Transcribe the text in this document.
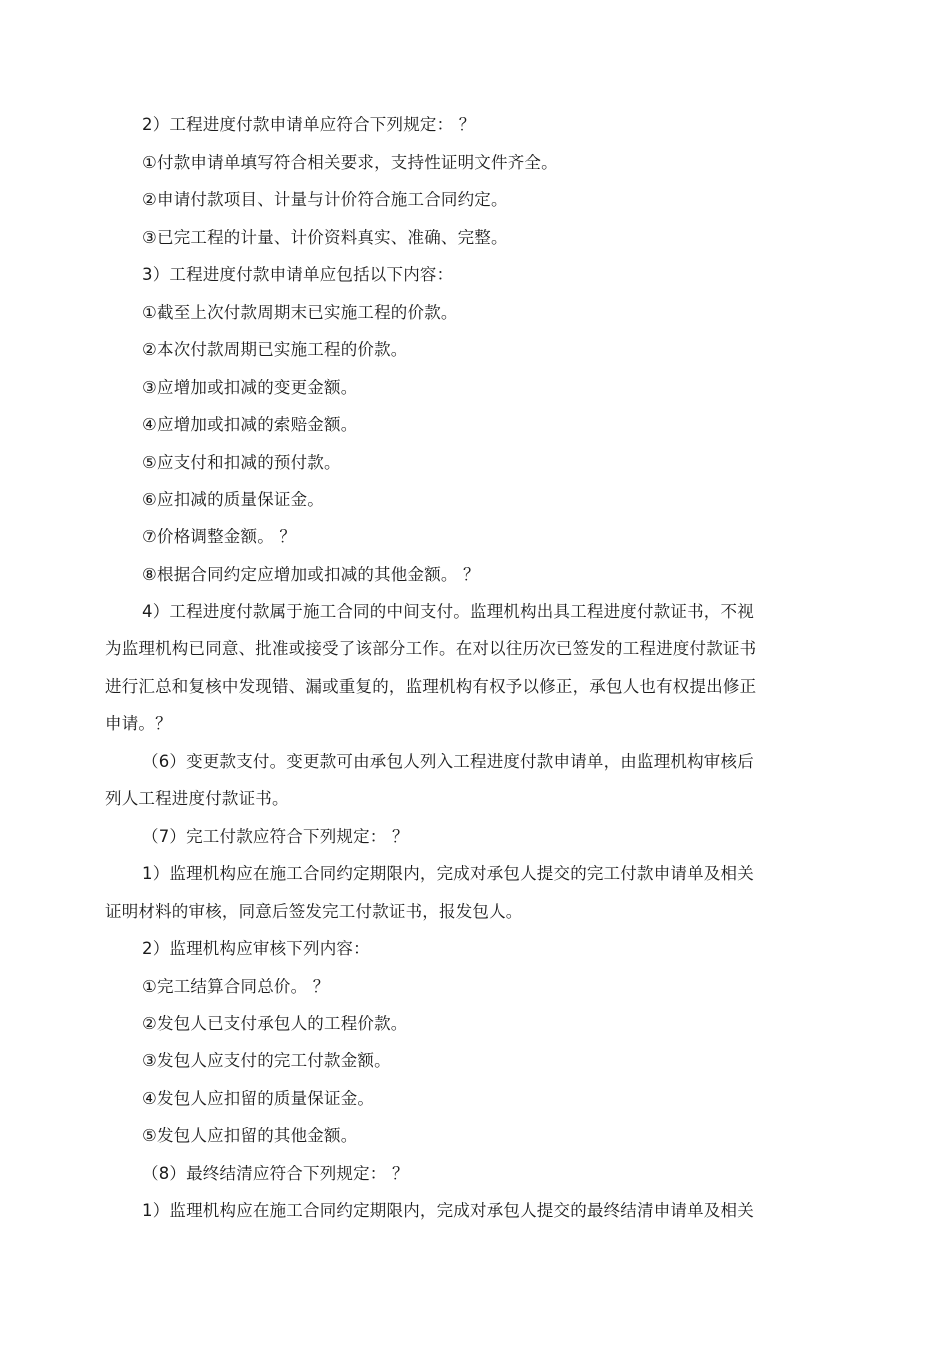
2）工程进度付款申请单应符合下列规定： ？
①付款申请单填写符合相关要求，支持性证明文件齐全。
②申请付款项目、计量与计价符合施工合同约定。
③已完工程的计量、计价资料真实、准确、完整。
3）工程进度付款申请单应包括以下内容：
①截至上次付款周期末已实施工程的价款。
②本次付款周期已实施工程的价款。
③应增加或扣减的变更金额。
④应增加或扣减的索赔金额。
⑤应支付和扣减的预付款。
⑥应扣减的质量保证金。
⑦价格调整金额。 ？
⑧根据合同约定应增加或扣减的其他金额。 ？
4）工程进度付款属于施工合同的中间支付。监理机构出具工程进度付款证书，不视
为监理机构已同意、批准或接受了该部分工作。在对以往历次已签发的工程进度付款证书
进行汇总和复核中发现错、漏或重复的，监理机构有权予以修正，承包人也有权提出修正
申请。？
（6）变更款支付。变更款可由承包人列入工程进度付款申请单，由监理机构审核后
列人工程进度付款证书。
（7）完工付款应符合下列规定： ？
1）监理机构应在施工合同约定期限内，完成对承包人提交的完工付款申请单及相关
证明材料的审核，同意后签发完工付款证书，报发包人。
2）监理机构应审核下列内容：
①完工结算合同总价。 ？
②发包人已支付承包人的工程价款。
③发包人应支付的完工付款金额。
④发包人应扣留的质量保证金。
⑤发包人应扣留的其他金额。
（8）最终结清应符合下列规定： ？
1）监理机构应在施工合同约定期限内，完成对承包人提交的最终结清申请单及相关
